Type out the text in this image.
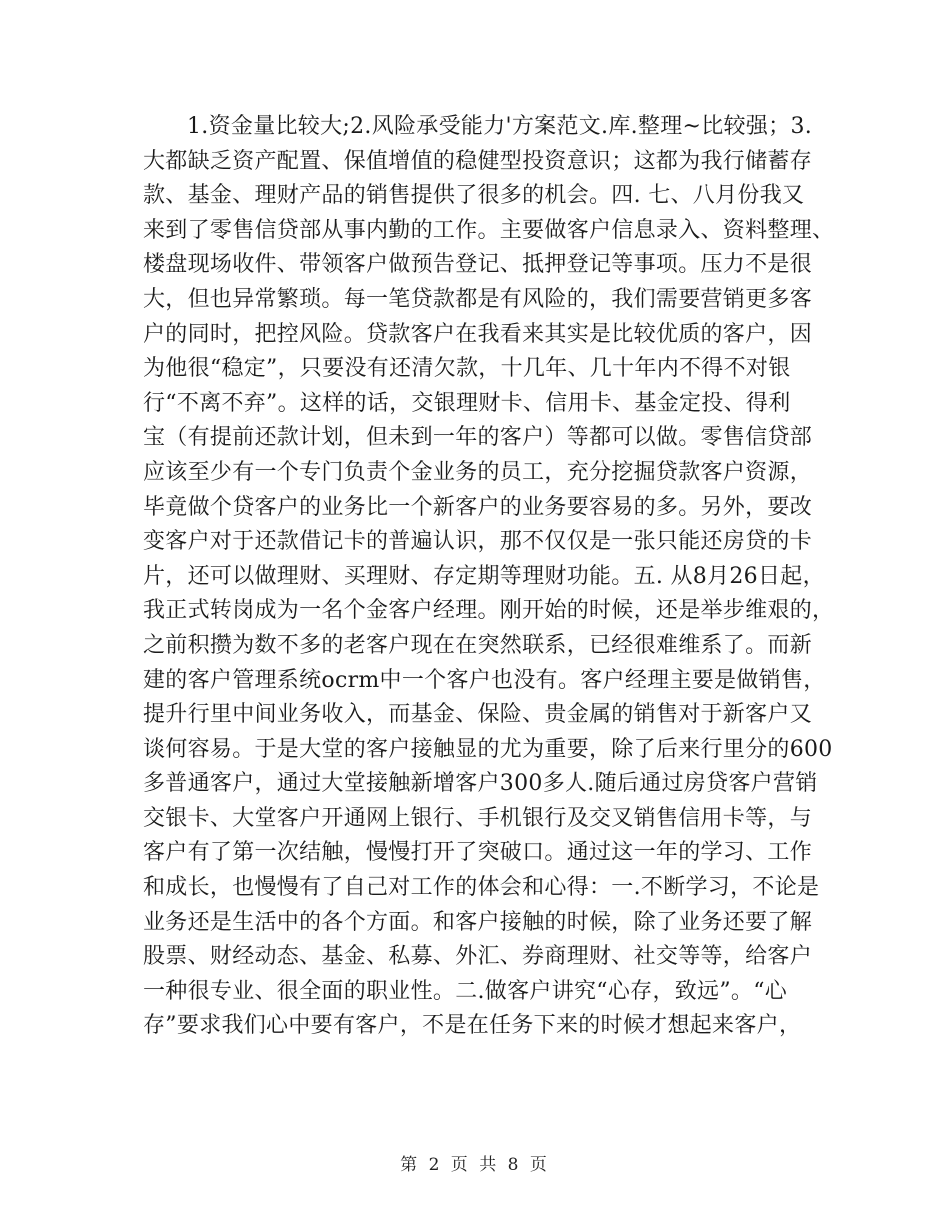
1.资金量比较大;2.风险承受能力'方案范文.库.整理~比较强；3.
大都缺乏资产配置、保值增值的稳健型投资意识；这都为我行储蓄存
款、基金、理财产品的销售提供了很多的机会。四. 七、八月份我又
来到了零售信贷部从事内勤的工作。主要做客户信息录入、资料整理、
楼盘现场收件、带领客户做预告登记、抵押登记等事项。压力不是很
大，但也异常繁琐。每一笔贷款都是有风险的，我们需要营销更多客
户的同时，把控风险。贷款客户在我看来其实是比较优质的客户，因
为他很“稳定”，只要没有还清欠款，十几年、几十年内不得不对银
行“不离不弃”。这样的话，交银理财卡、信用卡、基金定投、得利
宝（有提前还款计划，但未到一年的客户）等都可以做。零售信贷部
应该至少有一个专门负责个金业务的员工，充分挖掘贷款客户资源，
毕竟做个贷客户的业务比一个新客户的业务要容易的多。另外，要改
变客户对于还款借记卡的普遍认识，那不仅仅是一张只能还房贷的卡
片，还可以做理财、买理财、存定期等理财功能。五. 从8月26日起，
我正式转岗成为一名个金客户经理。刚开始的时候，还是举步维艰的，
之前积攒为数不多的老客户现在在突然联系，已经很难维系了。而新
建的客户管理系统ocrm中一个客户也没有。客户经理主要是做销售，
提升行里中间业务收入，而基金、保险、贵金属的销售对于新客户又
谈何容易。于是大堂的客户接触显的尤为重要，除了后来行里分的600
多普通客户，通过大堂接触新增客户300多人.随后通过房贷客户营销
交银卡、大堂客户开通网上银行、手机银行及交叉销售信用卡等，与
客户有了第一次结触，慢慢打开了突破口。通过这一年的学习、工作
和成长，也慢慢有了自己对工作的体会和心得：一.不断学习，不论是
业务还是生活中的各个方面。和客户接触的时候，除了业务还要了解
股票、财经动态、基金、私募、外汇、券商理财、社交等等，给客户
一种很专业、很全面的职业性。二.做客户讲究“心存，致远”。“心
存”要求我们心中要有客户，不是在任务下来的时候才想起来客户，
第 2 页 共 8 页
